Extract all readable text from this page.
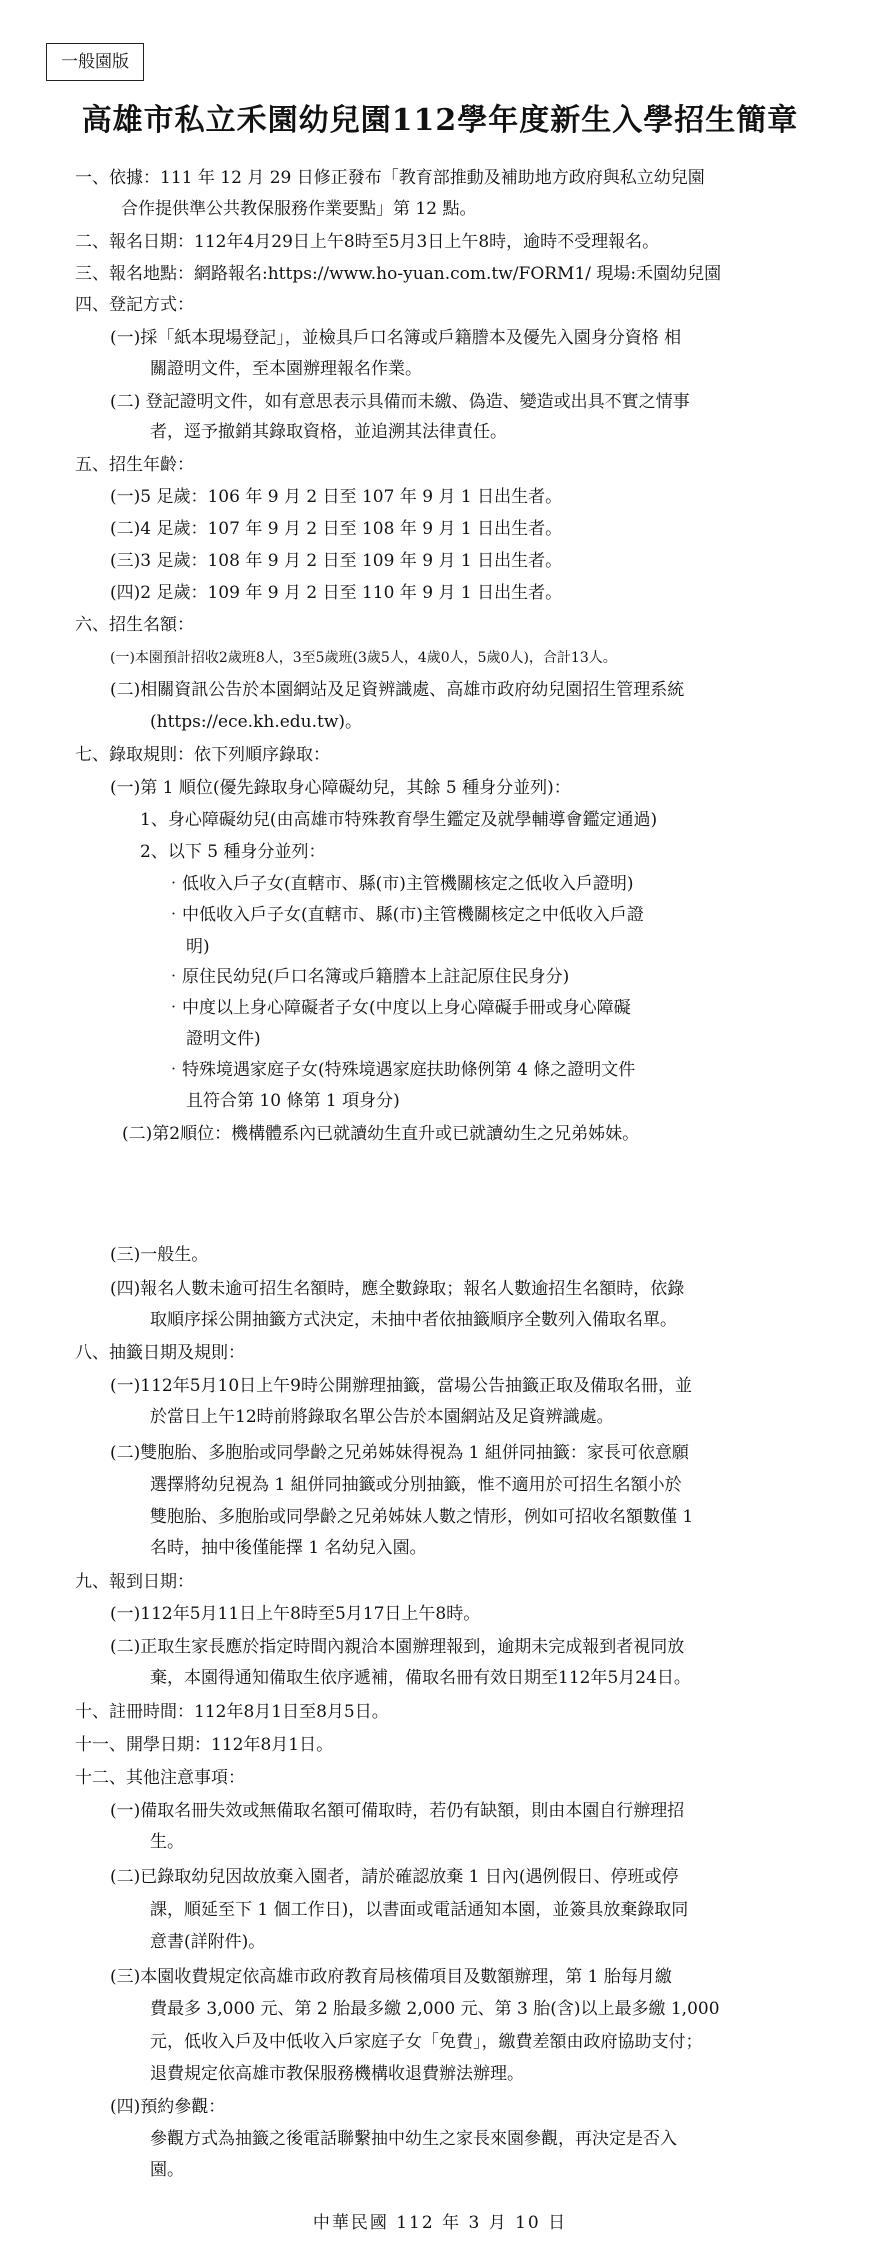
一般園版
高雄市私立禾園幼兒園112學年度新生入學招生簡章
一、依據：111 年 12 月 29 日修正發布「教育部推動及補助地方政府與私立幼兒園
合作提供準公共教保服務作業要點」第 12 點。
二、報名日期：112年4月29日上午8時至5月3日上午8時，逾時不受理報名。
三、報名地點：網路報名:https://www.ho-yuan.com.tw/FORM1/ 現場:禾園幼兒園
四、登記方式：
(一)採「紙本現場登記」，並檢具戶口名簿或戶籍謄本及優先入園身分資格 相
關證明文件，至本園辦理報名作業。
(二) 登記證明文件，如有意思表示具備而未繳、偽造、變造或出具不實之情事
者，逕予撤銷其錄取資格，並追溯其法律責任。
五、招生年齡：
(一)5 足歲：106 年 9 月 2 日至 107 年 9 月 1 日出生者。
(二)4 足歲：107 年 9 月 2 日至 108 年 9 月 1 日出生者。
(三)3 足歲：108 年 9 月 2 日至 109 年 9 月 1 日出生者。
(四)2 足歲：109 年 9 月 2 日至 110 年 9 月 1 日出生者。
六、招生名額：
(一)本園預計招收2歲班8人，3至5歲班(3歲5人，4歲0人，5歲0人)，合計13人。
(二)相關資訊公告於本園網站及足資辨識處、高雄市政府幼兒園招生管理系統
(https://ece.kh.edu.tw)。
七、錄取規則：依下列順序錄取：
(一)第 1 順位(優先錄取身心障礙幼兒，其餘 5 種身分並列)：
1、身心障礙幼兒(由高雄市特殊教育學生鑑定及就學輔導會鑑定通過)
2、以下 5 種身分並列：
‧低收入戶子女(直轄市、縣(市)主管機關核定之低收入戶證明)
‧中低收入戶子女(直轄市、縣(市)主管機關核定之中低收入戶證
明)
‧原住民幼兒(戶口名簿或戶籍謄本上註記原住民身分)
‧中度以上身心障礙者子女(中度以上身心障礙手冊或身心障礙
證明文件)
‧特殊境遇家庭子女(特殊境遇家庭扶助條例第 4 條之證明文件
且符合第 10 條第 1 項身分)
(二)第2順位：機構體系內已就讀幼生直升或已就讀幼生之兄弟姊妹。
(三)一般生。
(四)報名人數未逾可招生名額時，應全數錄取；報名人數逾招生名額時，依錄
取順序採公開抽籤方式決定，未抽中者依抽籤順序全數列入備取名單。
八、抽籤日期及規則：
(一)112年5月10日上午9時公開辦理抽籤，當場公告抽籤正取及備取名冊，並
於當日上午12時前將錄取名單公告於本園網站及足資辨識處。
(二)雙胞胎、多胞胎或同學齡之兄弟姊妹得視為 1 組併同抽籤：家長可依意願
選擇將幼兒視為 1 組併同抽籤或分別抽籤，惟不適用於可招生名額小於
雙胞胎、多胞胎或同學齡之兄弟姊妹人數之情形，例如可招收名額數僅 1
名時，抽中後僅能擇 1 名幼兒入園。
九、報到日期：
(一)112年5月11日上午8時至5月17日上午8時。
(二)正取生家長應於指定時間內親洽本園辦理報到，逾期未完成報到者視同放
棄，本園得通知備取生依序遞補，備取名冊有效日期至112年5月24日。
十、註冊時間：112年8月1日至8月5日。
十一、開學日期：112年8月1日。
十二、其他注意事項：
(一)備取名冊失效或無備取名額可備取時，若仍有缺額，則由本園自行辦理招
生。
(二)已錄取幼兒因故放棄入園者，請於確認放棄 1 日內(遇例假日、停班或停
課，順延至下 1 個工作日)，以書面或電話通知本園，並簽具放棄錄取同
意書(詳附件)。
(三)本園收費規定依高雄市政府教育局核備項目及數額辦理，第 1 胎每月繳
費最多 3,000 元、第 2 胎最多繳 2,000 元、第 3 胎(含)以上最多繳 1,000
元，低收入戶及中低收入戶家庭子女「免費」，繳費差額由政府協助支付；
退費規定依高雄市教保服務機構收退費辦法辦理。
(四)預約參觀：
參觀方式為抽籤之後電話聯繫抽中幼生之家長來園參觀，再決定是否入
園。
中華民國 112 年 3 月 10 日
